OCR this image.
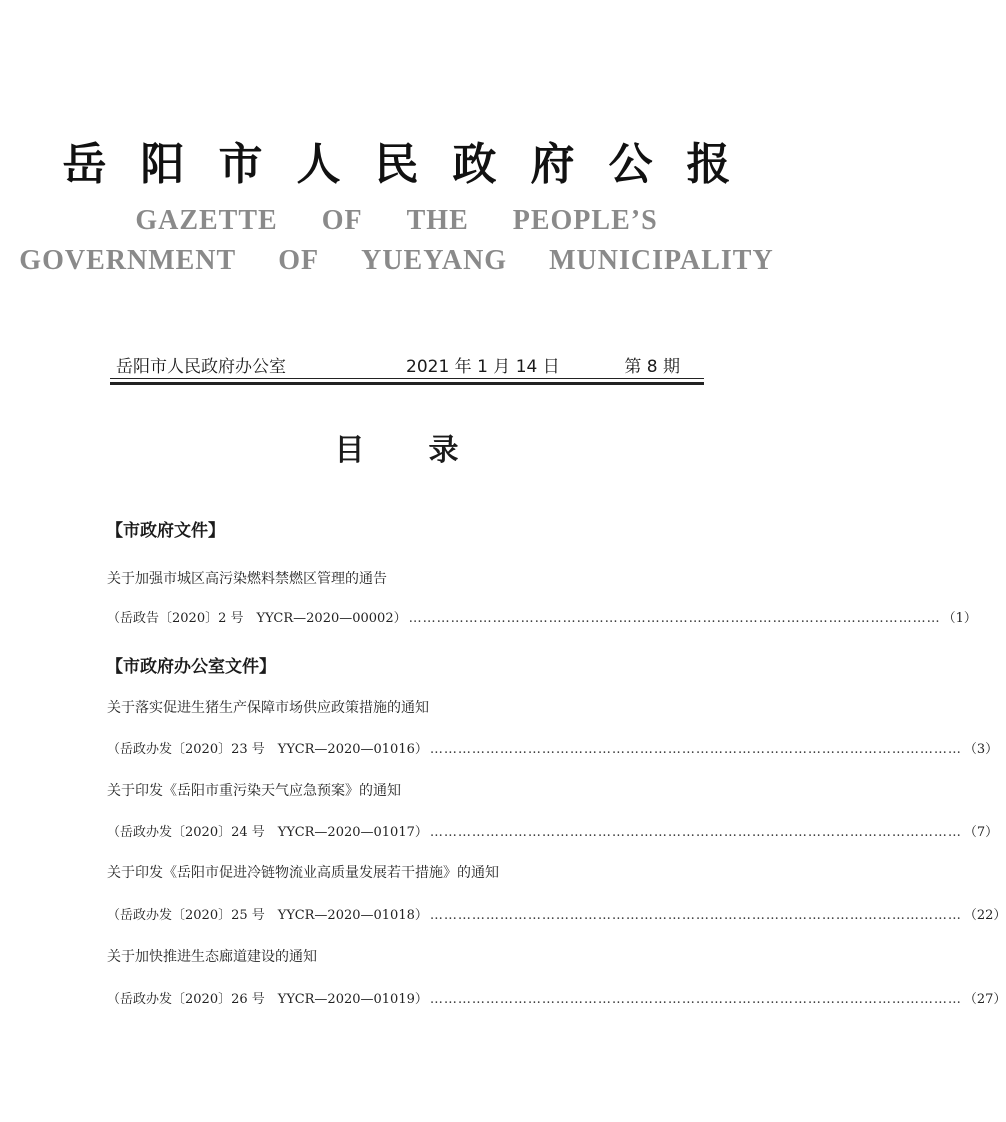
岳 阳 市 人 民 政 府 公 报
GAZETTE OF THE PEOPLE’S
GOVERNMENT OF YUEYANG MUNICIPALITY
岳阳市人民政府办公室	2021 年 1 月 14 日	第 8 期
目 录
【市政府文件】
关于加强市城区高污染燃料禁燃区管理的通告
（岳政告〔2020〕2 号　YYCR—2020—00002） …………………………………………………………………………………………………… （1）
【市政府办公室文件】
关于落实促进生猪生产保障市场供应政策措施的通知
（岳政办发〔2020〕23 号　YYCR—2020—01016） …………………………………………………………………………………………………… （3）
关于印发《岳阳市重污染天气应急预案》的通知
（岳政办发〔2020〕24 号　YYCR—2020—01017） …………………………………………………………………………………………………… （7）
关于印发《岳阳市促进冷链物流业高质量发展若干措施》的通知
（岳政办发〔2020〕25 号　YYCR—2020—01018） …………………………………………………………………………………………………… （22）
关于加快推进生态廊道建设的通知
（岳政办发〔2020〕26 号　YYCR—2020—01019） …………………………………………………………………………………………………… （27）
